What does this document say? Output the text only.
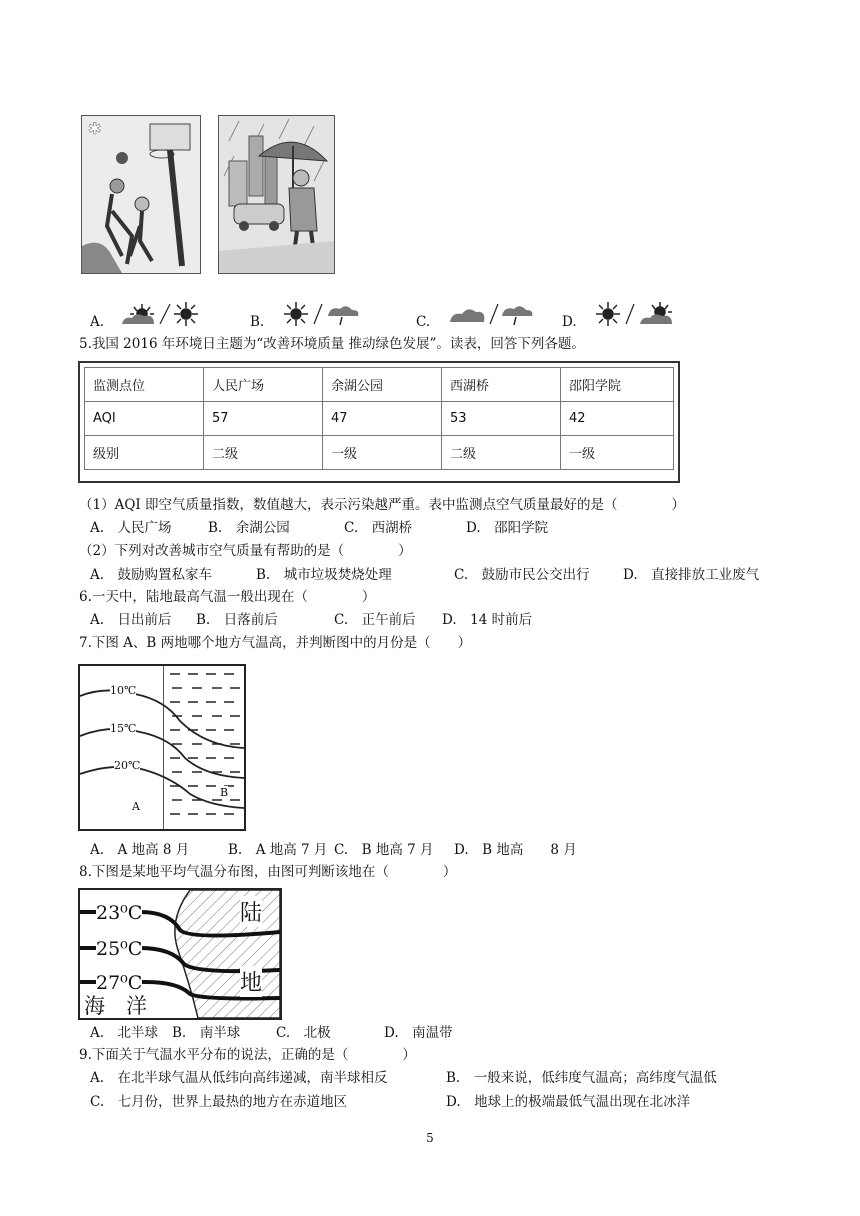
✱
A.	B.	C.	D.
5.我国 2016 年环境日主题为“改善环境质量 推动绿色发展”。读表，回答下列各题。
监测点位	人民广场	余湖公园	西湖桥	邵阳学院
AQI	57	47	53	42
级别	二级	一级	二级	一级
（1）AQI 即空气质量指数，数值越大，表示污染越严重。表中监测点空气质量最好的是（　　　　）
A.　人民广场	B.　余湖公园	C.　西湖桥	D.　邵阳学院
（2）下列对改善城市空气质量有帮助的是（　　　　）
A.　鼓励购置私家车	B.　城市垃圾焚烧处理	C.　鼓励市民公交出行 D.　直接排放工业废气
6.一天中，陆地最高气温一般出现在（　　　　）
A.　日出前后 B.　日落前后	C.　正午前后 D.　14 时前后
7.下图 A、B 两地哪个地方气温高，并判断图中的月份是（　　）
10℃
15℃
20℃
A
B
A.　A 地高 8 月	B.　A 地高 7 月 C.　B 地高 7 月 D.　B 地高　　8 月
8.下图是某地平均气温分布图，由图可判断该地在（　　　　）
23⁰C
25⁰C
27⁰C
陆
地
海　洋
A.　北半球 B.　南半球	C.　北极	D.　南温带
9.下面关于气温水平分布的说法，正确的是（　　　　）
A.　在北半球气温从低纬向高纬递减，南半球相反	B.　一般来说，低纬度气温高；高纬度气温低
C.　七月份，世界上最热的地方在赤道地区	D.　地球上的极端最低气温出现在北冰洋
5
